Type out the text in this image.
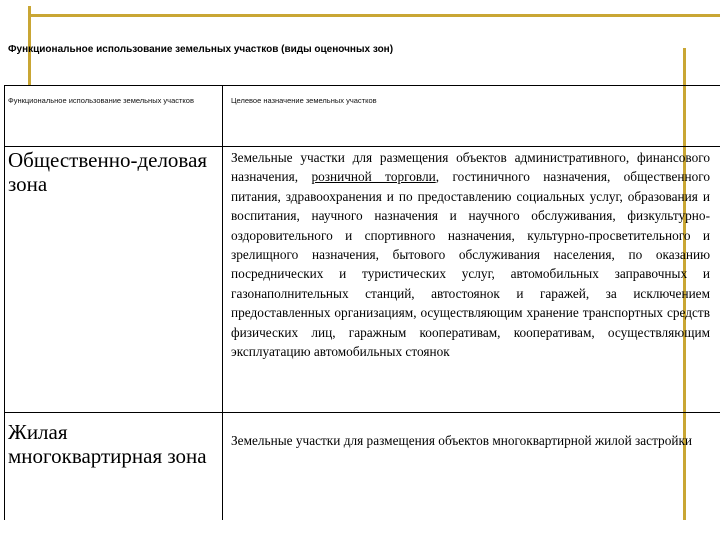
Функциональное использование земельных участков (виды оценочных зон)
Функциональное использование земельных участков	Целевое назначение земельных участков
Общественно-деловая зона
Земельные участки для размещения объектов административного, финансового назначения, розничной торговли, гостиничного назначения, общественного питания, здравоохранения и по предоставлению социальных услуг, образования и воспитания, научного назначения и научного обслуживания, физкультурно-оздоровительного и спортивного назначения, культурно-просветительного и зрелищного назначения, бытового обслуживания населения, по оказанию посреднических и туристических услуг, автомобильных заправочных и газонаполнительных станций, автостоянок и гаражей, за исключением предоставленных организациям, осуществляющим хранение транспортных средств физических лиц, гаражным кооперативам, кооперативам, осуществляющим эксплуатацию автомобильных стоянок
Жилая многоквартирная зона
Земельные участки для размещения объектов многоквартирной жилой застройки
